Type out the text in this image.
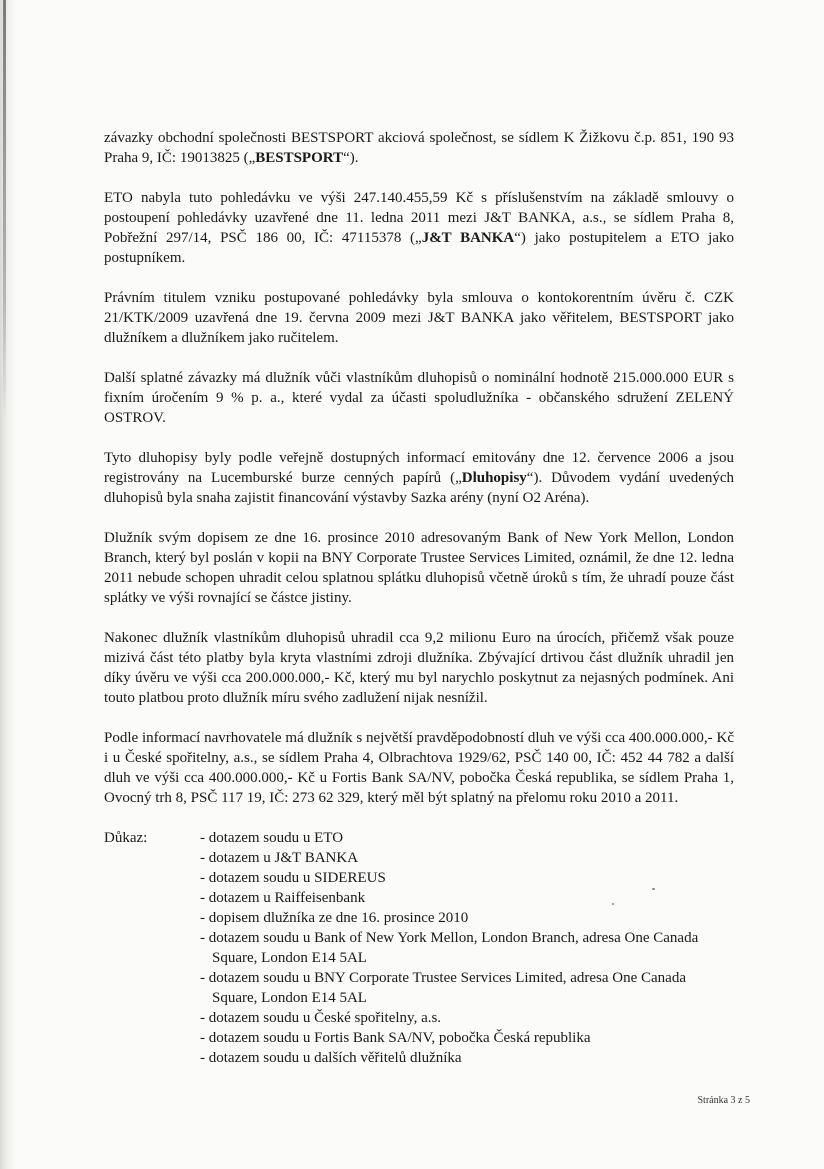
závazky obchodní společnosti BESTSPORT akciová společnost, se sídlem K Žižkovu č.p. 851, 190 93 Praha 9, IČ: 19013825 („BESTSPORT“).

ETO nabyla tuto pohledávku ve výši 247.140.455,59 Kč s příslušenstvím na základě smlouvy o postoupení pohledávky uzavřené dne 11. ledna 2011 mezi J&T BANKA, a.s., se sídlem Praha 8, Pobřežní 297/14, PSČ 186 00, IČ: 47115378 („J&T BANKA“) jako postupitelem a ETO jako postupníkem.

Právním titulem vzniku postupované pohledávky byla smlouva o kontokorentním úvěru č. CZK 21/KTK/2009 uzavřená dne 19. června 2009 mezi J&T BANKA jako věřitelem, BESTSPORT jako dlužníkem a dlužníkem jako ručitelem.

Další splatné závazky má dlužník vůči vlastníkům dluhopisů o nominální hodnotě 215.000.000 EUR s fixním úročením 9 % p. a., které vydal za účasti spoludlužníka - občanského sdružení ZELENÝ OSTROV.

Tyto dluhopisy byly podle veřejně dostupných informací emitovány dne 12. července 2006 a jsou registrovány na Lucemburské burze cenných papírů („Dluhopisy“). Důvodem vydání uvedených dluhopisů byla snaha zajistit financování výstavby Sazka arény (nyní O2 Aréna).

Dlužník svým dopisem ze dne 16. prosince 2010 adresovaným Bank of New York Mellon, London Branch, který byl poslán v kopii na BNY Corporate Trustee Services Limited, oznámil, že dne 12. ledna 2011 nebude schopen uhradit celou splatnou splátku dluhopisů včetně úroků s tím, že uhradí pouze část splátky ve výši rovnající se částce jistiny.

Nakonec dlužník vlastníkům dluhopisů uhradil cca 9,2 milionu Euro na úrocích, přičemž však pouze mizivá část této platby byla kryta vlastními zdroji dlužníka. Zbývající drtivou část dlužník uhradil jen díky úvěru ve výši cca 200.000.000,- Kč, který mu byl narychlo poskytnut za nejasných podmínek. Ani touto platbou proto dlužník míru svého zadlužení nijak nesnížil.

Podle informací navrhovatele má dlužník s největší pravděpodobností dluh ve výši cca 400.000.000,- Kč i u České spořitelny, a.s., se sídlem Praha 4, Olbrachtova 1929/62, PSČ 140 00, IČ: 452 44 782 a další dluh ve výši cca 400.000.000,- Kč u Fortis Bank SA/NV, pobočka Česká republika, se sídlem Praha 1, Ovocný trh 8, PSČ 117 19, IČ: 273 62 329, který měl být splatný na přelomu roku 2010 a 2011.

Důkaz:	- dotazem soudu u ETO
- dotazem u J&T BANKA
- dotazem soudu u SIDEREUS
- dotazem u Raiffeisenbank
- dopisem dlužníka ze dne 16. prosince 2010
- dotazem soudu u Bank of New York Mellon, London Branch, adresa One Canada Square, London E14 5AL
- dotazem soudu u BNY Corporate Trustee Services Limited, adresa One Canada Square, London E14 5AL
- dotazem soudu u České spořitelny, a.s.
- dotazem soudu u Fortis Bank SA/NV, pobočka Česká republika
- dotazem soudu u dalších věřitelů dlužníka
Stránka 3 z 5
